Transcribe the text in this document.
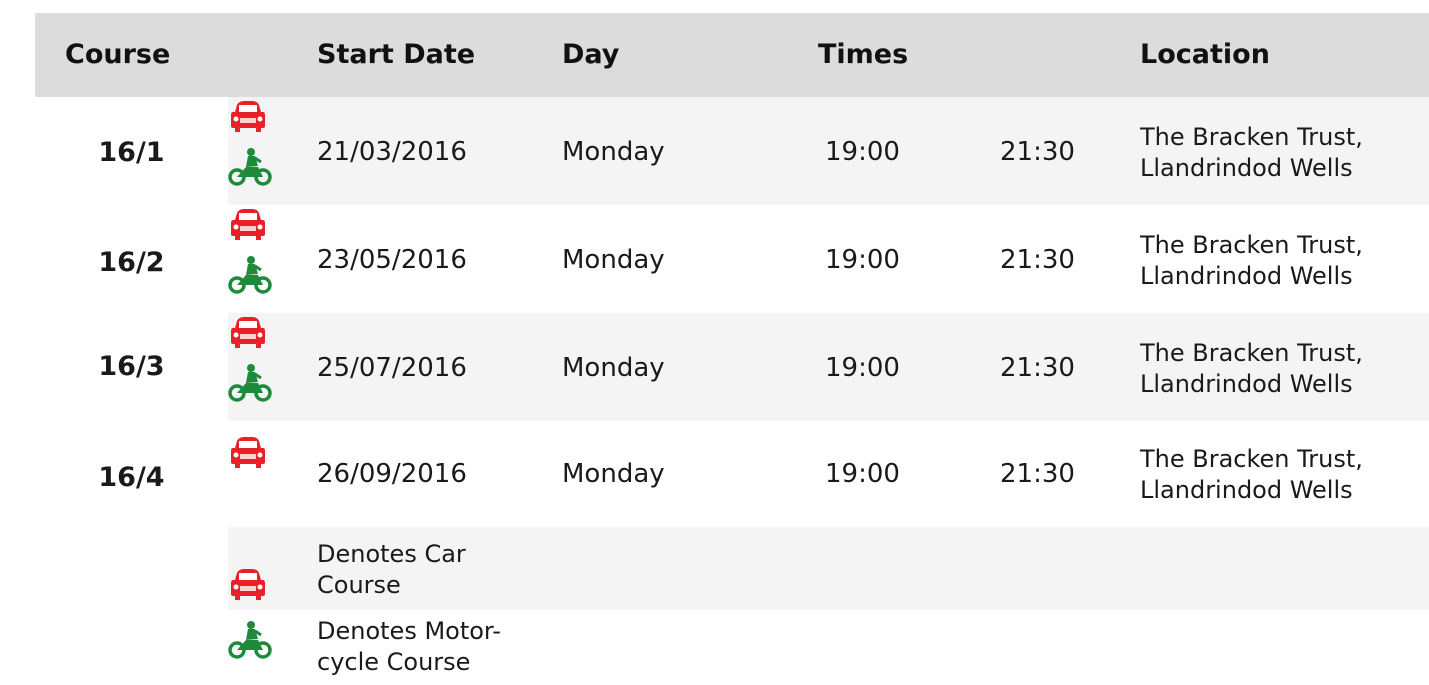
Course	Start Date	Day	Times	Location
16/1	21/03/2016	Monday	19:00	21:30	The Bracken Trust,
Llandrindod Wells
16/2	23/05/2016	Monday	19:00	21:30	The Bracken Trust,
Llandrindod Wells
16/3	25/07/2016	Monday	19:00	21:30	The Bracken Trust,
Llandrindod Wells
16/4	26/09/2016	Monday	19:00	21:30	The Bracken Trust,
Llandrindod Wells
Denotes Car
Course
Denotes Motor-
cycle Course
